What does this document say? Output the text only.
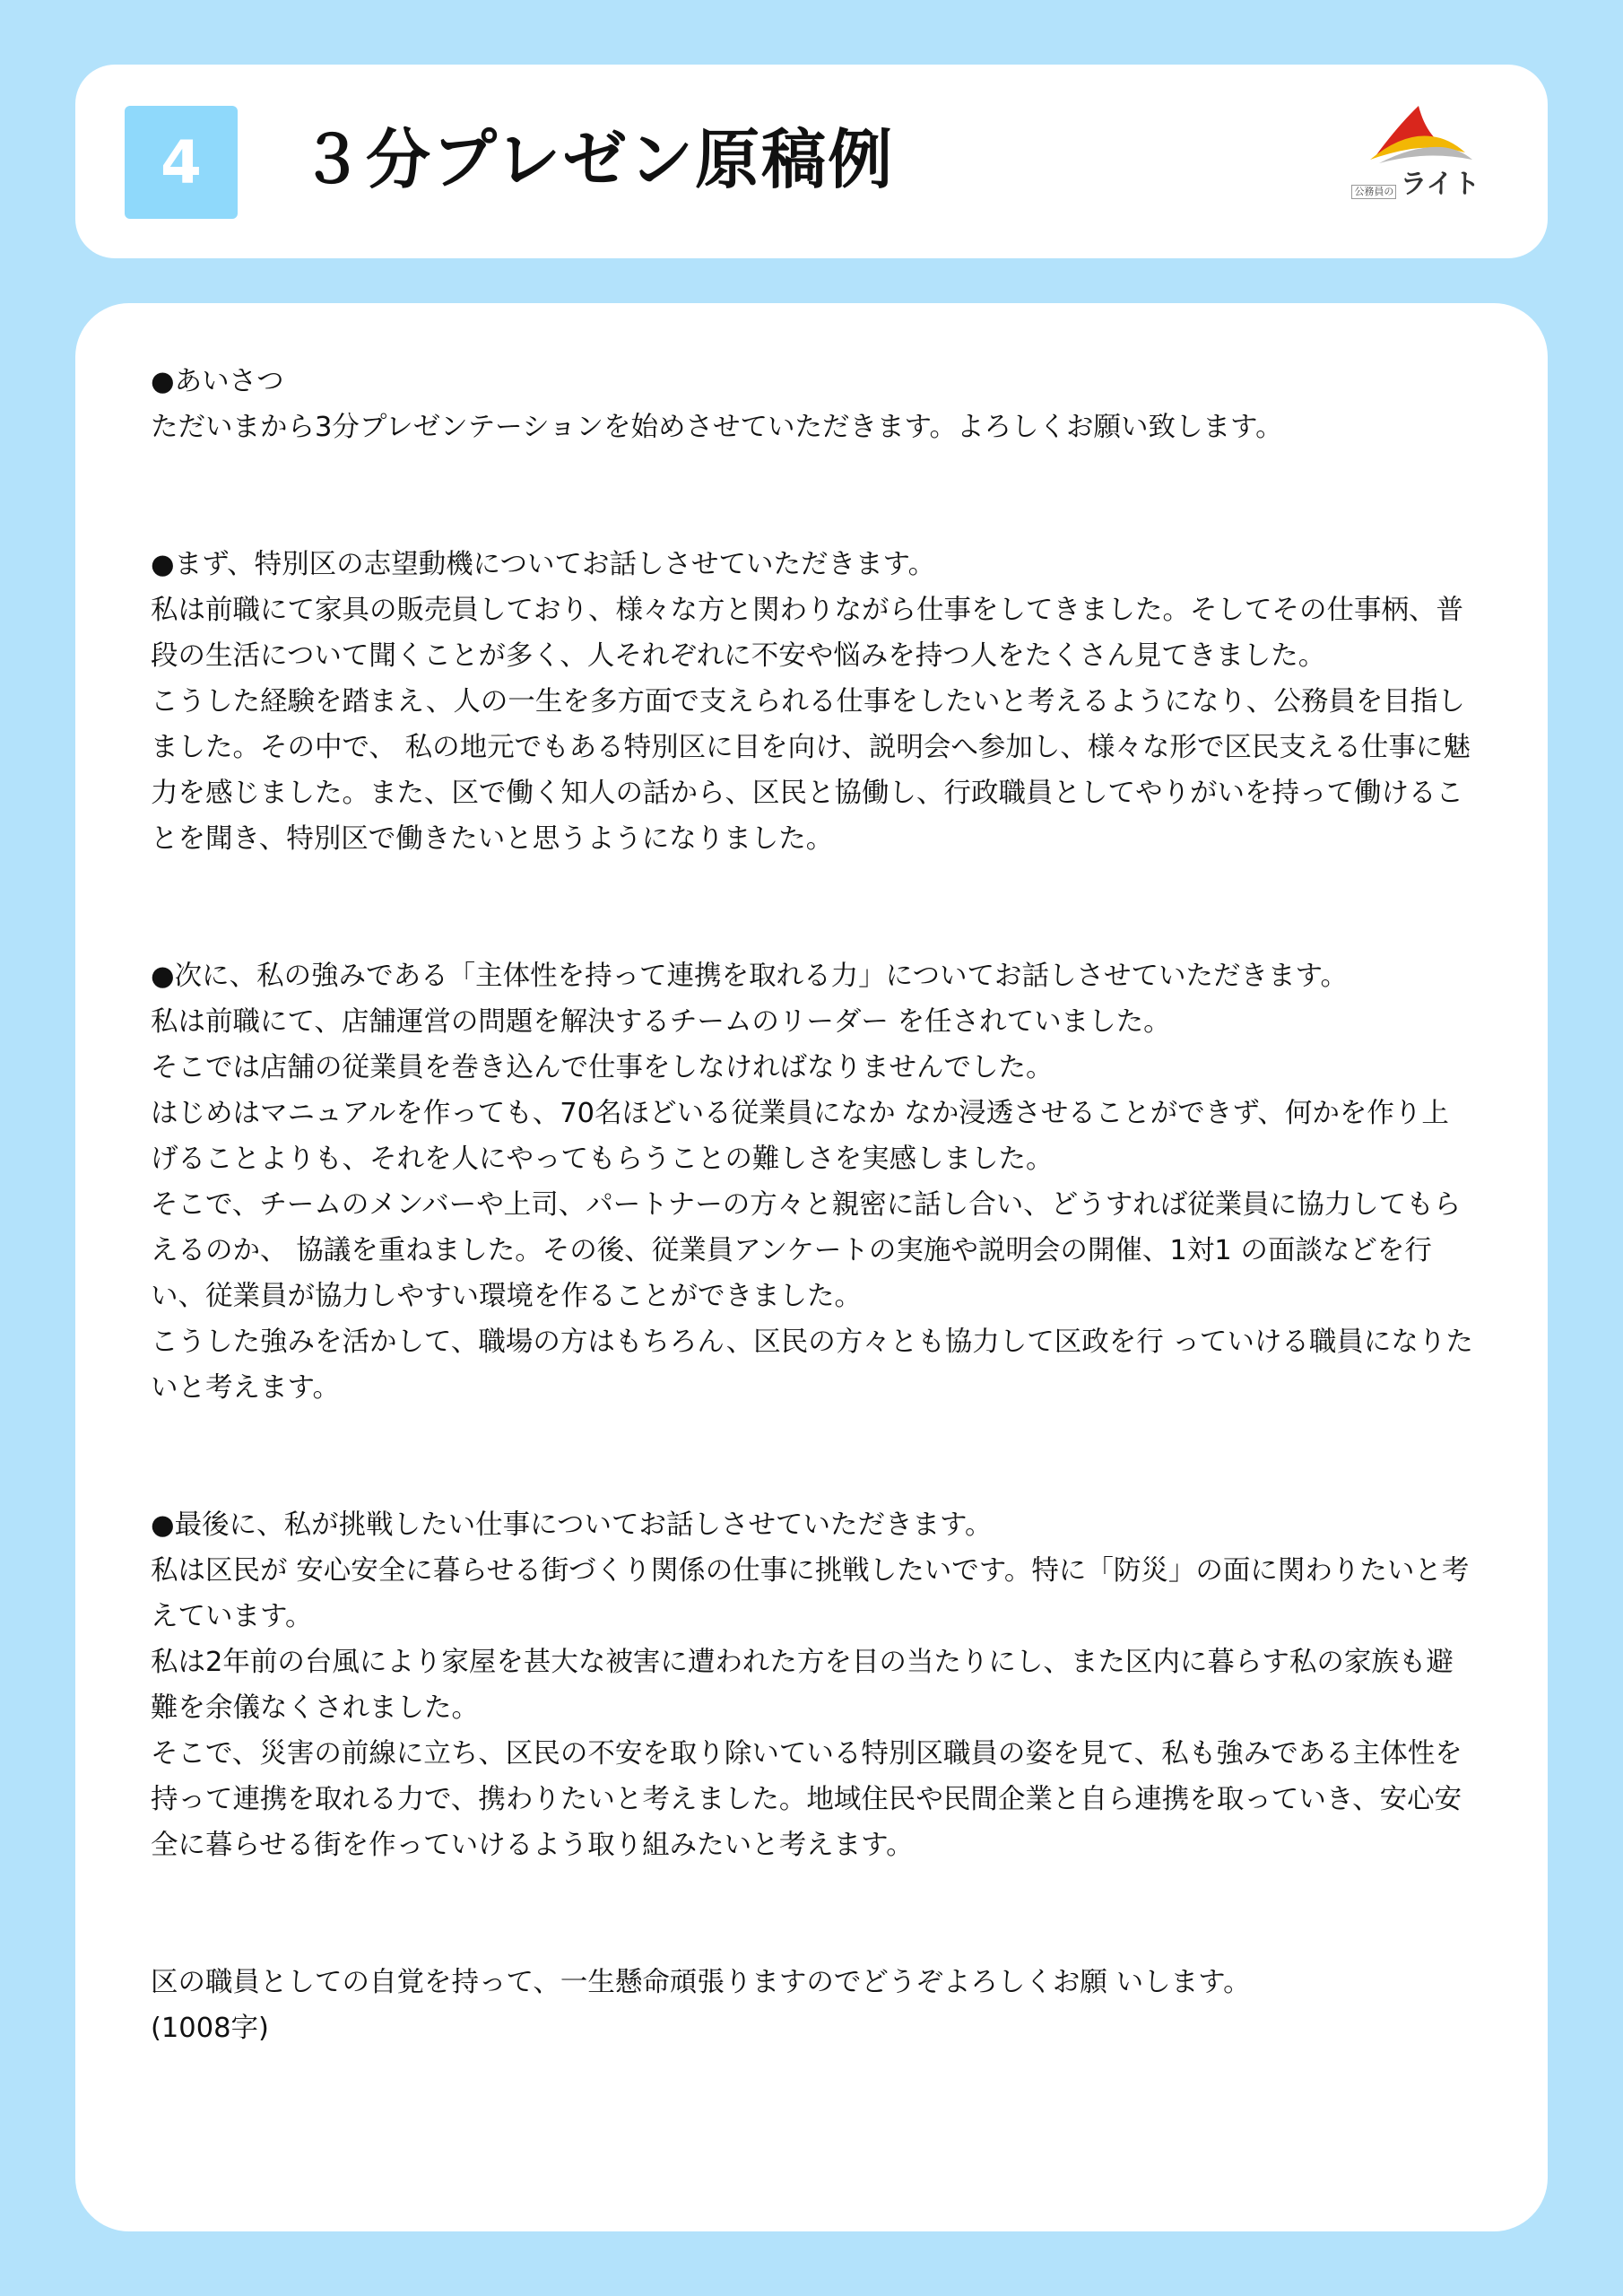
4	３分プレゼン原稿例	公務員の ライト

●あいさつ

ただいまから3分プレゼンテーションを始めさせていただきます。よろしくお願い致します。

●まず、特別区の志望動機についてお話しさせていただきます。

私は前職にて家具の販売員しており、様々な方と関わりながら仕事をしてきました。そしてその仕事柄、普段の生活について聞くことが多く、人それぞれに不安や悩みを持つ人をたくさん見てきました。

こうした経験を踏まえ、人の一生を多方面で支えられる仕事をしたいと考えるようになり、公務員を目指しました。その中で、 私の地元でもある特別区に目を向け、説明会へ参加し、様々な形で区民支える仕事に魅力を感じました。また、区で働く知人の話から、区民と協働し、行政職員としてやりがいを持って働けることを聞き、特別区で働きたいと思うようになりました。

●次に、私の強みである「主体性を持って連携を取れる力」についてお話しさせていただきます。

私は前職にて、店舗運営の問題を解決するチームのリーダー を任されていました。

そこでは店舗の従業員を巻き込んで仕事をしなければなりませんでした。

はじめはマニュアルを作っても、70名ほどいる従業員になか なか浸透させることができず、何かを作り上げることよりも、それを人にやってもらうことの難しさを実感しました。

そこで、チームのメンバーや上司、パートナーの方々と親密に話し合い、どうすれば従業員に協力してもらえるのか、 協議を重ねました。その後、従業員アンケートの実施や説明会の開催、1対1 の面談などを行い、従業員が協力しやすい環境を作ることができました。

こうした強みを活かして、職場の方はもちろん、区民の方々とも協力して区政を行 っていける職員になりたいと考えます。

●最後に、私が挑戦したい仕事についてお話しさせていただきます。

私は区民が 安心安全に暮らせる街づくり関係の仕事に挑戦したいです。特に「防災」の面に関わりたいと考えています。

私は2年前の台風により家屋を甚大な被害に遭われた方を目の当たりにし、また区内に暮らす私の家族も避難を余儀なくされました。

そこで、災害の前線に立ち、区民の不安を取り除いている特別区職員の姿を見て、私も強みである主体性を持って連携を取れる力で、携わりたいと考えました。地域住民や民間企業と自ら連携を取っていき、安心安全に暮らせる街を作っていけるよう取り組みたいと考えます。

区の職員としての自覚を持って、一生懸命頑張りますのでどうぞよろしくお願 いします。

(1008字)
